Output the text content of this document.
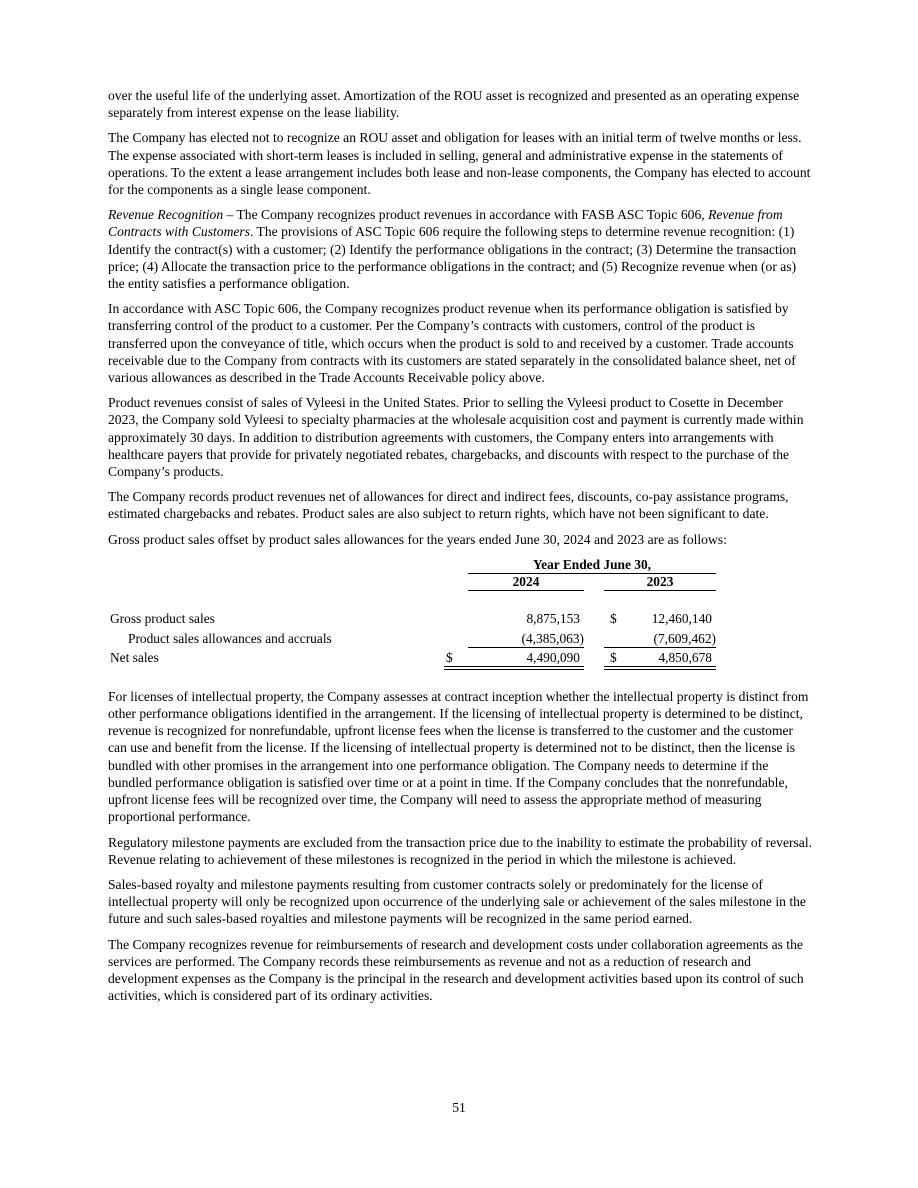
over the useful life of the underlying asset. Amortization of the ROU asset is recognized and presented as an operating expense separately from interest expense on the lease liability.

The Company has elected not to recognize an ROU asset and obligation for leases with an initial term of twelve months or less. The expense associated with short-term leases is included in selling, general and administrative expense in the statements of operations. To the extent a lease arrangement includes both lease and non-lease components, the Company has elected to account for the components as a single lease component.

Revenue Recognition – The Company recognizes product revenues in accordance with FASB ASC Topic 606, Revenue from Contracts with Customers. The provisions of ASC Topic 606 require the following steps to determine revenue recognition: (1) Identify the contract(s) with a customer; (2) Identify the performance obligations in the contract; (3) Determine the transaction price; (4) Allocate the transaction price to the performance obligations in the contract; and (5) Recognize revenue when (or as) the entity satisfies a performance obligation.

In accordance with ASC Topic 606, the Company recognizes product revenue when its performance obligation is satisfied by transferring control of the product to a customer. Per the Company’s contracts with customers, control of the product is transferred upon the conveyance of title, which occurs when the product is sold to and received by a customer. Trade accounts receivable due to the Company from contracts with its customers are stated separately in the consolidated balance sheet, net of various allowances as described in the Trade Accounts Receivable policy above.

Product revenues consist of sales of Vyleesi in the United States. Prior to selling the Vyleesi product to Cosette in December 2023, the Company sold Vyleesi to specialty pharmacies at the wholesale acquisition cost and payment is currently made within approximately 30 days. In addition to distribution agreements with customers, the Company enters into arrangements with healthcare payers that provide for privately negotiated rebates, chargebacks, and discounts with respect to the purchase of the Company’s products.

The Company records product revenues net of allowances for direct and indirect fees, discounts, co-pay assistance programs, estimated chargebacks and rebates. Product sales are also subject to return rights, which have not been significant to date.

Gross product sales offset by product sales allowances for the years ended June 30, 2024 and 2023 are as follows:

Year Ended June 30,
2024	2023
Gross product sales	8,875,153 $	12,460,140
Product sales allowances and accruals	(4,385,063)	(7,609,462)
Net sales	$	4,490,090 $	4,850,678

For licenses of intellectual property, the Company assesses at contract inception whether the intellectual property is distinct from other performance obligations identified in the arrangement. If the licensing of intellectual property is determined to be distinct, revenue is recognized for nonrefundable, upfront license fees when the license is transferred to the customer and the customer can use and benefit from the license. If the licensing of intellectual property is determined not to be distinct, then the license is bundled with other promises in the arrangement into one performance obligation. The Company needs to determine if the bundled performance obligation is satisfied over time or at a point in time. If the Company concludes that the nonrefundable, upfront license fees will be recognized over time, the Company will need to assess the appropriate method of measuring proportional performance.

Regulatory milestone payments are excluded from the transaction price due to the inability to estimate the probability of reversal. Revenue relating to achievement of these milestones is recognized in the period in which the milestone is achieved.

Sales-based royalty and milestone payments resulting from customer contracts solely or predominately for the license of intellectual property will only be recognized upon occurrence of the underlying sale or achievement of the sales milestone in the future and such sales-based royalties and milestone payments will be recognized in the same period earned.

The Company recognizes revenue for reimbursements of research and development costs under collaboration agreements as the services are performed. The Company records these reimbursements as revenue and not as a reduction of research and development expenses as the Company is the principal in the research and development activities based upon its control of such activities, which is considered part of its ordinary activities.

51
